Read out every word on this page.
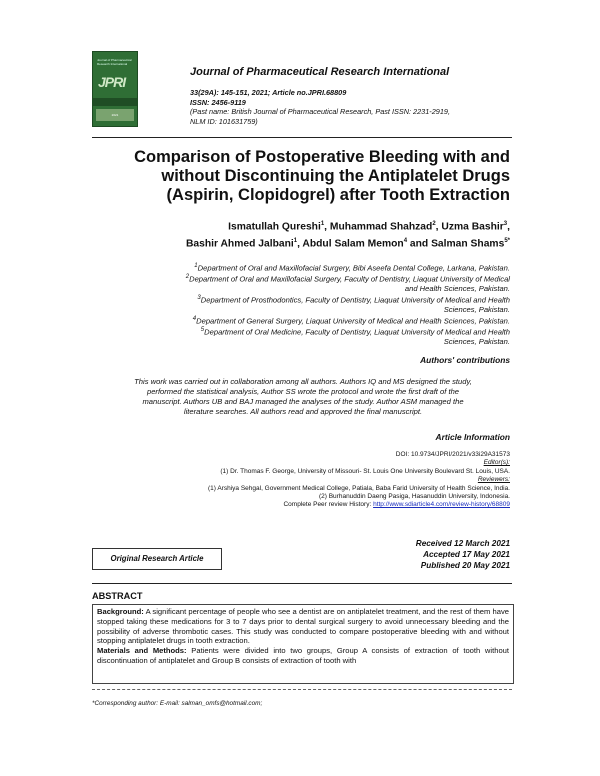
Journal of Pharmaceutical Research International
JPRI
2021
Journal of Pharmaceutical Research International
33(29A): 145-151, 2021; Article no.JPRI.68809
ISSN: 2456-9119
(Past name: British Journal of Pharmaceutical Research, Past ISSN: 2231-2919,
NLM ID: 101631759)
Comparison of Postoperative Bleeding with and
without Discontinuing the Antiplatelet Drugs
(Aspirin, Clopidogrel) after Tooth Extraction
Ismatullah Qureshi$^1$, Muhammad Shahzad$^2$, Uzma Bashir$^3$,
Bashir Ahmed Jalbani$^1$, Abdul Salam Memon$^4$ and Salman Shams$^{5*}$
$^1$Department of Oral and Maxillofacial Surgery, Bibi Aseefa Dental College, Larkana, Pakistan.
$^2$Department of Oral and Maxillofacial Surgery, Faculty of Dentistry, Liaquat University of Medical
and Health Sciences, Pakistan.
$^3$Department of Prosthodontics, Faculty of Dentistry, Liaquat University of Medical and Health
Sciences, Pakistan.
$^4$Department of General Surgery, Liaquat University of Medical and Health Sciences, Pakistan.
$^5$Department of Oral Medicine, Faculty of Dentistry, Liaquat University of Medical and Health
Sciences, Pakistan.
Authors' contributions
This work was carried out in collaboration among all authors. Authors IQ and MS designed the study,
performed the statistical analysis, Author SS wrote the protocol and wrote the first draft of the
manuscript. Authors UB and BAJ managed the analyses of the study. Author ASM managed the
literature searches. All authors read and approved the final manuscript.
Article Information
DOI: 10.9734/JPRI/2021/v33i29A31573
Editor(s):
(1) Dr. Thomas F. George, University of Missouri- St. Louis One University Boulevard St. Louis, USA.
Reviewers:
(1) Arshiya Sehgal, Government Medical College, Patiala, Baba Farid University of Health Science, India.
(2) Burhanuddin Daeng Pasiga, Hasanuddin University, Indonesia.
Complete Peer review History: http://www.sdiarticle4.com/review-history/68809
Original Research Article
Received 12 March 2021
Accepted 17 May 2021
Published 20 May 2021
ABSTRACT
Background: A significant percentage of people who see a dentist are on antiplatelet treatment, and the rest of them have stopped taking these medications for 3 to 7 days prior to dental surgical surgery to avoid unnecessary bleeding and the possibility of adverse thrombotic cases. This study was conducted to compare postoperative bleeding with and without stopping antiplatelet drugs in tooth extraction.
Materials and Methods: Patients were divided into two groups, Group A consists of extraction of tooth without discontinuation of antiplatelet and Group B consists of extraction of tooth with
*Corresponding author: E-mail: salman_omfs@hotmail.com;
